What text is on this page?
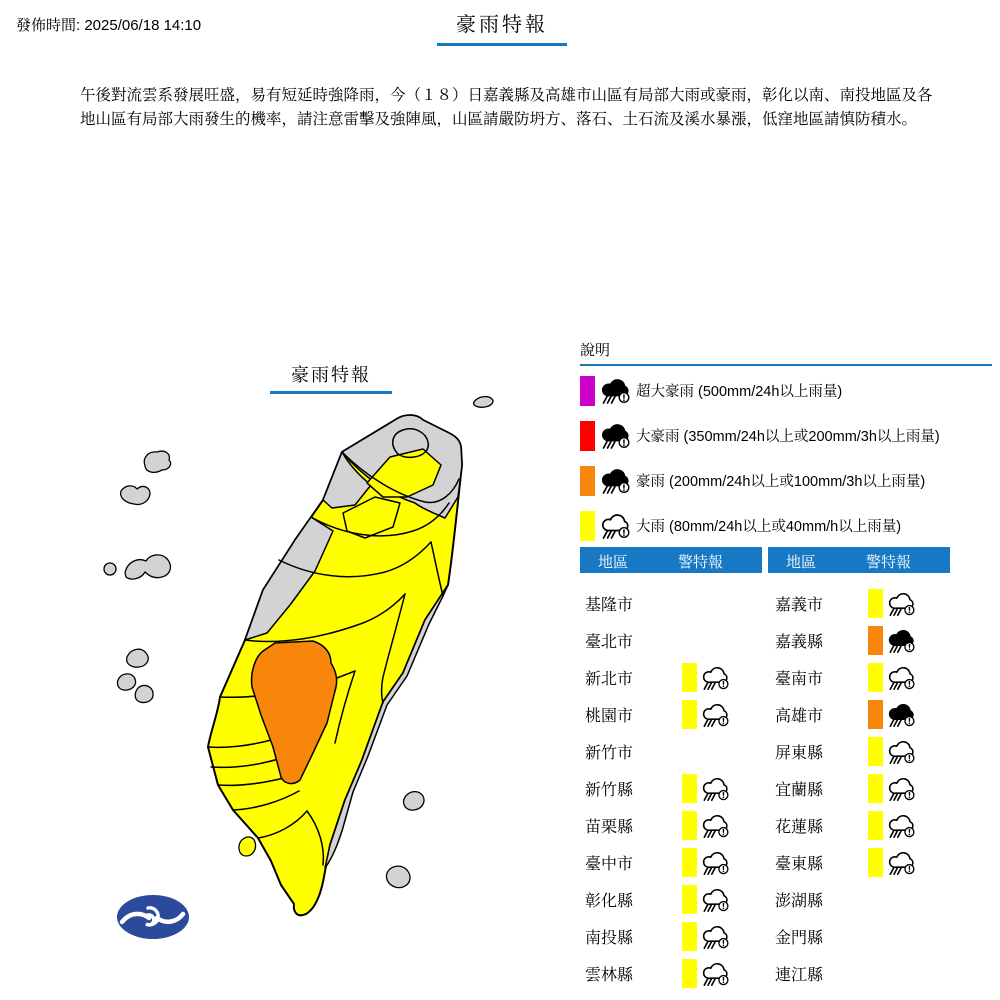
發佈時間: 2025/06/18 14:10	豪雨特報

午後對流雲系發展旺盛，易有短延時強降雨，今（１８）日嘉義縣及高雄市山區有局部大雨或豪雨，彰化以南、南投地區及各地山區有局部大雨發生的機率，請注意雷擊及強陣風，山區請嚴防坍方、落石、土石流及溪水暴漲，低窪地區請慎防積水。

豪雨特報
說明
! 超大豪雨 (500mm/24h以上雨量)
! 大豪雨 (350mm/24h以上或200mm/3h以上雨量)
! 豪雨 (200mm/24h以上或100mm/3h以上雨量)
! 大雨 (80mm/24h以上或40mm/h以上雨量)
地區	警特報
基隆市
臺北市
新北市	!
桃園市	!
新竹市
新竹縣	!
苗栗縣	!
臺中市	!
彰化縣	!
南投縣	!
雲林縣	!
地區	警特報
嘉義市	!
嘉義縣	!
臺南市	!
高雄市	!
屏東縣	!
宜蘭縣	!
花蓮縣	!
臺東縣	!
澎湖縣
金門縣
連江縣
